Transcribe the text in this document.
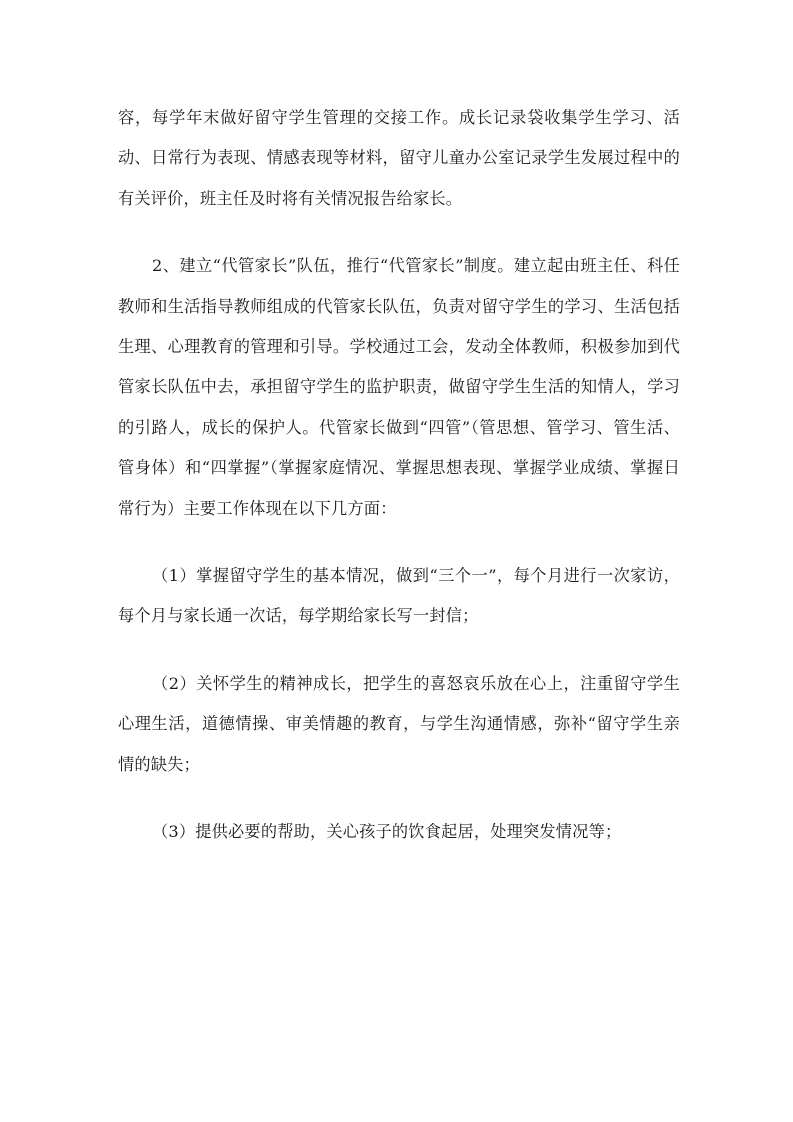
容，每学年末做好留守学生管理的交接工作。成长记录袋收集学生学习、活动、日常行为表现、情感表现等材料，留守儿童办公室记录学生发展过程中的有关评价，班主任及时将有关情况报告给家长。

2、建立“代管家长”队伍，推行“代管家长”制度。建立起由班主任、科任教师和生活指导教师组成的代管家长队伍，负责对留守学生的学习、生活包括生理、心理教育的管理和引导。学校通过工会，发动全体教师，积极参加到代管家长队伍中去，承担留守学生的监护职责，做留守学生生活的知情人，学习的引路人，成长的保护人。代管家长做到“四管”（管思想、管学习、管生活、管身体）和“四掌握”（掌握家庭情况、掌握思想表现、掌握学业成绩、掌握日常行为）主要工作体现在以下几方面：

（1）掌握留守学生的基本情况，做到“三个一”，每个月进行一次家访，每个月与家长通一次话，每学期给家长写一封信；

（2）关怀学生的精神成长，把学生的喜怒哀乐放在心上，注重留守学生心理生活，道德情操、审美情趣的教育，与学生沟通情感，弥补“留守学生亲情的缺失；

（3）提供必要的帮助，关心孩子的饮食起居，处理突发情况等；
